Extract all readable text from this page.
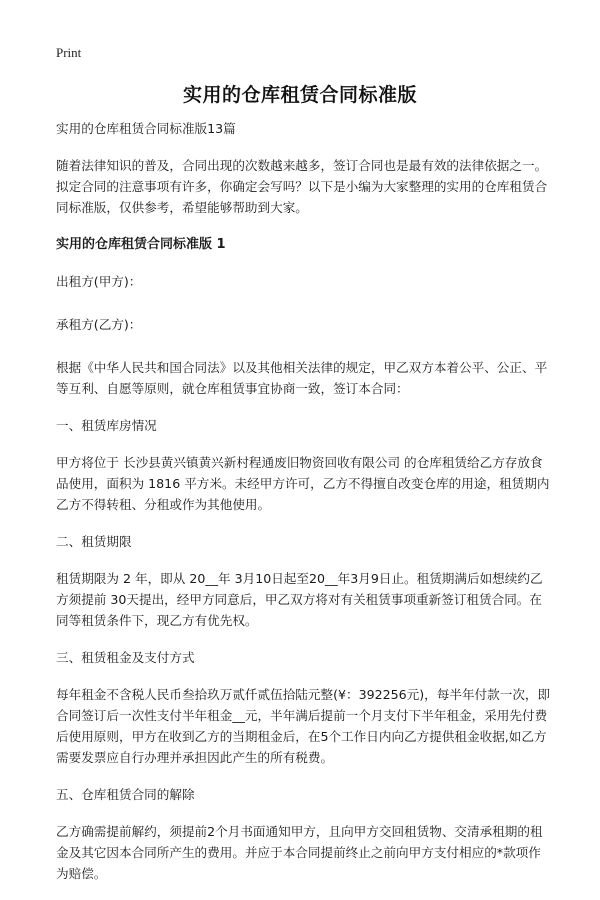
Print
实用的仓库租赁合同标准版

实用的仓库租赁合同标准版13篇

随着法律知识的普及，合同出现的次数越来越多，签订合同也是最有效的法律依据之一。拟定合同的注意事项有许多，你确定会写吗？以下是小编为大家整理的实用的仓库租赁合同标准版，仅供参考，希望能够帮助到大家。

实用的仓库租赁合同标准版 1

出租方(甲方)：

承租方(乙方)：

根据《中华人民共和国合同法》以及其他相关法律的规定，甲乙双方本着公平、公正、平等互利、自愿等原则，就仓库租赁事宜协商一致，签订本合同：

一、租赁库房情况

甲方将位于 长沙县黄兴镇黄兴新村程通废旧物资回收有限公司 的仓库租赁给乙方存放食品使用，面积为 1816 平方米。未经甲方许可，乙方不得擅自改变仓库的用途，租赁期内乙方不得转租、分租或作为其他使用。

二、租赁期限

租赁期限为 2 年，即从 20__年 3月10日起至20__年3月9日止。租赁期满后如想续约乙方须提前 30天提出，经甲方同意后，甲乙双方将对有关租赁事项重新签订租赁合同。在同等租赁条件下，现乙方有优先权。

三、租赁租金及支付方式

每年租金不含税人民币叁拾玖万贰仟贰伍拾陆元整(¥：392256元)，每半年付款一次，即合同签订后一次性支付半年租金__元，半年满后提前一个月支付下半年租金，采用先付费后使用原则，甲方在收到乙方的当期租金后，在5个工作日内向乙方提供租金收据,如乙方需要发票应自行办理并承担因此产生的所有税费。

五、仓库租赁合同的解除

乙方确需提前解约，须提前2个月书面通知甲方，且向甲方交回租赁物、交清承租期的租金及其它因本合同所产生的费用。并应于本合同提前终止之前向甲方支付相应的*款项作为赔偿。
